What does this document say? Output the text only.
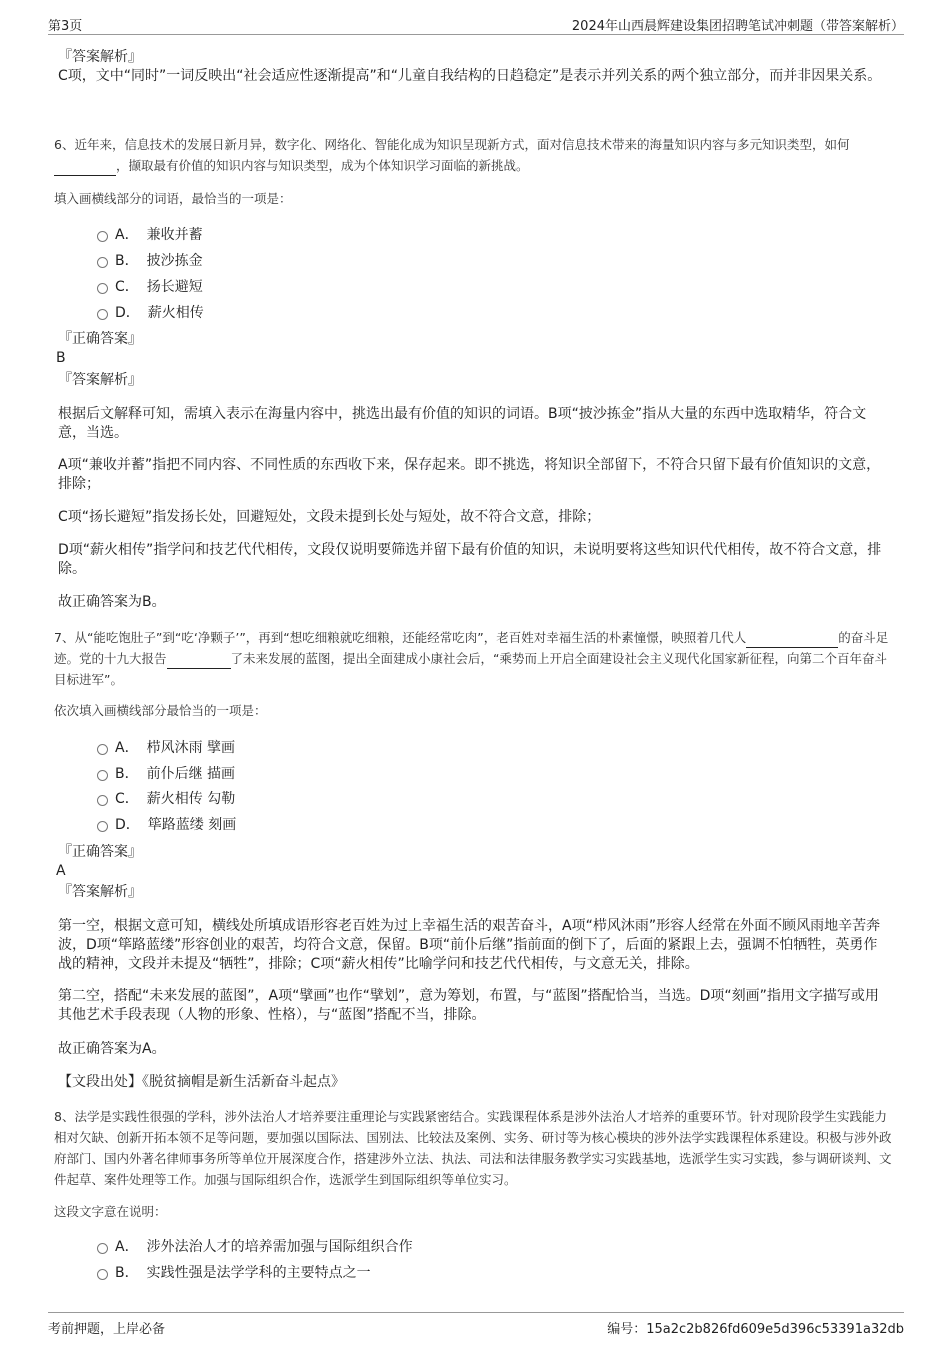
第3页	2024年山西晨辉建设集团招聘笔试冲刺题（带答案解析）
『答案解析』
C项，文中“同时”一词反映出“社会适应性逐渐提高”和“儿童自我结构的日趋稳定”是表示并列关系的两个独立部分，而并非因果关系。
6、近年来，信息技术的发展日新月异，数字化、网络化、智能化成为知识呈现新方式，面对信息技术带来的海量知识内容与多元知识类型，如何，撷取最有价值的知识内容与知识类型，成为个体知识学习面临的新挑战。
填入画横线部分的词语，最恰当的一项是：
A． 兼收并蓄
B． 披沙拣金
C． 扬长避短
D． 薪火相传
『正确答案』
B
『答案解析』
根据后文解释可知，需填入表示在海量内容中，挑选出最有价值的知识的词语。B项“披沙拣金”指从大量的东西中选取精华，符合文意，当选。
A项“兼收并蓄”指把不同内容、不同性质的东西收下来，保存起来。即不挑选，将知识全部留下，不符合只留下最有价值知识的文意，排除；
C项“扬长避短”指发扬长处，回避短处，文段未提到长处与短处，故不符合文意，排除；
D项“薪火相传”指学问和技艺代代相传，文段仅说明要筛选并留下最有价值的知识，未说明要将这些知识代代相传，故不符合文意，排除。
故正确答案为B。
7、从“能吃饱肚子”到“吃‘净颗子’”，再到“想吃细粮就吃细粮，还能经常吃肉”，老百姓对幸福生活的朴素憧憬，映照着几代人	的奋斗足迹。党的十九大报告	了未来发展的蓝图，提出全面建成小康社会后，“乘势而上开启全面建设社会主义现代化国家新征程，向第二个百年奋斗目标进军”。
依次填入画横线部分最恰当的一项是：
A． 栉风沐雨 擘画
B． 前仆后继 描画
C． 薪火相传 勾勒
D． 筚路蓝缕 刻画
『正确答案』
A
『答案解析』
第一空，根据文意可知，横线处所填成语形容老百姓为过上幸福生活的艰苦奋斗，A项“栉风沐雨”形容人经常在外面不顾风雨地辛苦奔波，D项“筚路蓝缕”形容创业的艰苦，均符合文意，保留。B项“前仆后继”指前面的倒下了，后面的紧跟上去，强调不怕牺牲，英勇作战的精神，文段并未提及“牺牲”，排除；C项“薪火相传”比喻学问和技艺代代相传，与文意无关，排除。
第二空，搭配“未来发展的蓝图”，A项“擘画”也作“擘划”，意为筹划，布置，与“蓝图”搭配恰当，当选。D项“刻画”指用文字描写或用其他艺术手段表现（人物的形象、性格），与“蓝图”搭配不当，排除。
故正确答案为A。
【文段出处】《脱贫摘帽是新生活新奋斗起点》
8、法学是实践性很强的学科，涉外法治人才培养要注重理论与实践紧密结合。实践课程体系是涉外法治人才培养的重要环节。针对现阶段学生实践能力相对欠缺、创新开拓本领不足等问题，要加强以国际法、国别法、比较法及案例、实务、研讨等为核心模块的涉外法学实践课程体系建设。积极与涉外政府部门、国内外著名律师事务所等单位开展深度合作，搭建涉外立法、执法、司法和法律服务教学实习实践基地，选派学生实习实践，参与调研谈判、文件起草、案件处理等工作。加强与国际组织合作，选派学生到国际组织等单位实习。
这段文字意在说明：
A． 涉外法治人才的培养需加强与国际组织合作
B． 实践性强是法学学科的主要特点之一
考前押题，上岸必备	编号：15a2c2b826fd609e5d396c53391a32db
